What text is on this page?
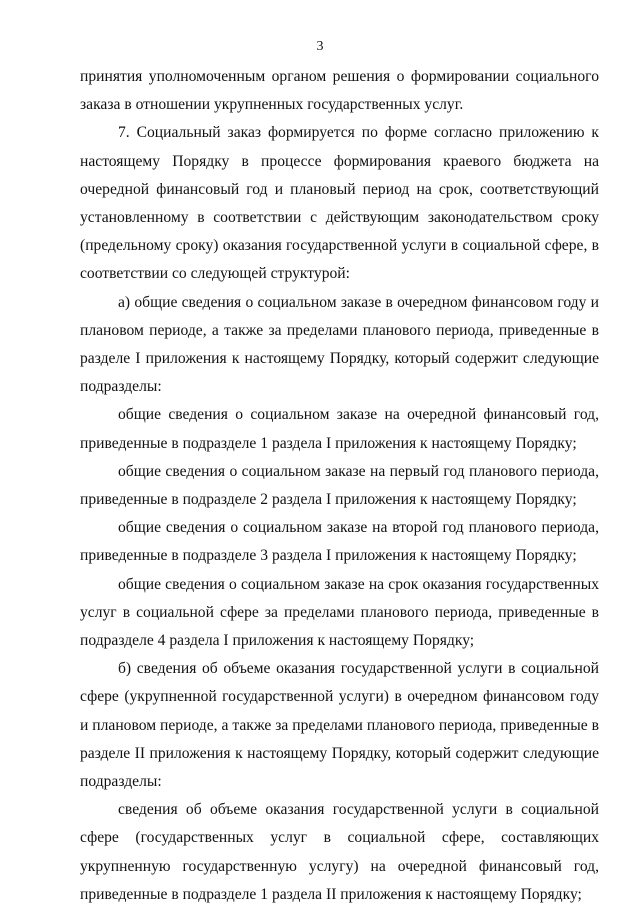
3

принятия уполномоченным органом решения о формировании социального заказа в отношении укрупненных государственных услуг.

7. Социальный заказ формируется по форме согласно приложению к настоящему Порядку в процессе формирования краевого бюджета на очередной финансовый год и плановый период на срок, соответствующий установленному в соответствии с действующим законодательством сроку (предельному сроку) оказания государственной услуги в социальной сфере, в соответствии со следующей структурой:

а) общие сведения о социальном заказе в очередном финансовом году и плановом периоде, а также за пределами планового периода, приведенные в разделе I приложения к настоящему Порядку, который содержит следующие подразделы:

общие сведения о социальном заказе на очередной финансовый год, приведенные в подразделе 1 раздела I приложения к настоящему Порядку;

общие сведения о социальном заказе на первый год планового периода, приведенные в подразделе 2 раздела I приложения к настоящему Порядку;

общие сведения о социальном заказе на второй год планового периода, приведенные в подразделе 3 раздела I приложения к настоящему Порядку;

общие сведения о социальном заказе на срок оказания государственных услуг в социальной сфере за пределами планового периода, приведенные в подразделе 4 раздела I приложения к настоящему Порядку;

б) сведения об объеме оказания государственной услуги в социальной сфере (укрупненной государственной услуги) в очередном финансовом году и плановом периоде, а также за пределами планового периода, приведенные в разделе II приложения к настоящему Порядку, который содержит следующие подразделы:

сведения об объеме оказания государственной услуги в социальной сфере (государственных услуг в социальной сфере, составляющих укрупненную государственную услугу) на очередной финансовый год, приведенные в подразделе 1 раздела II приложения к настоящему Порядку;
